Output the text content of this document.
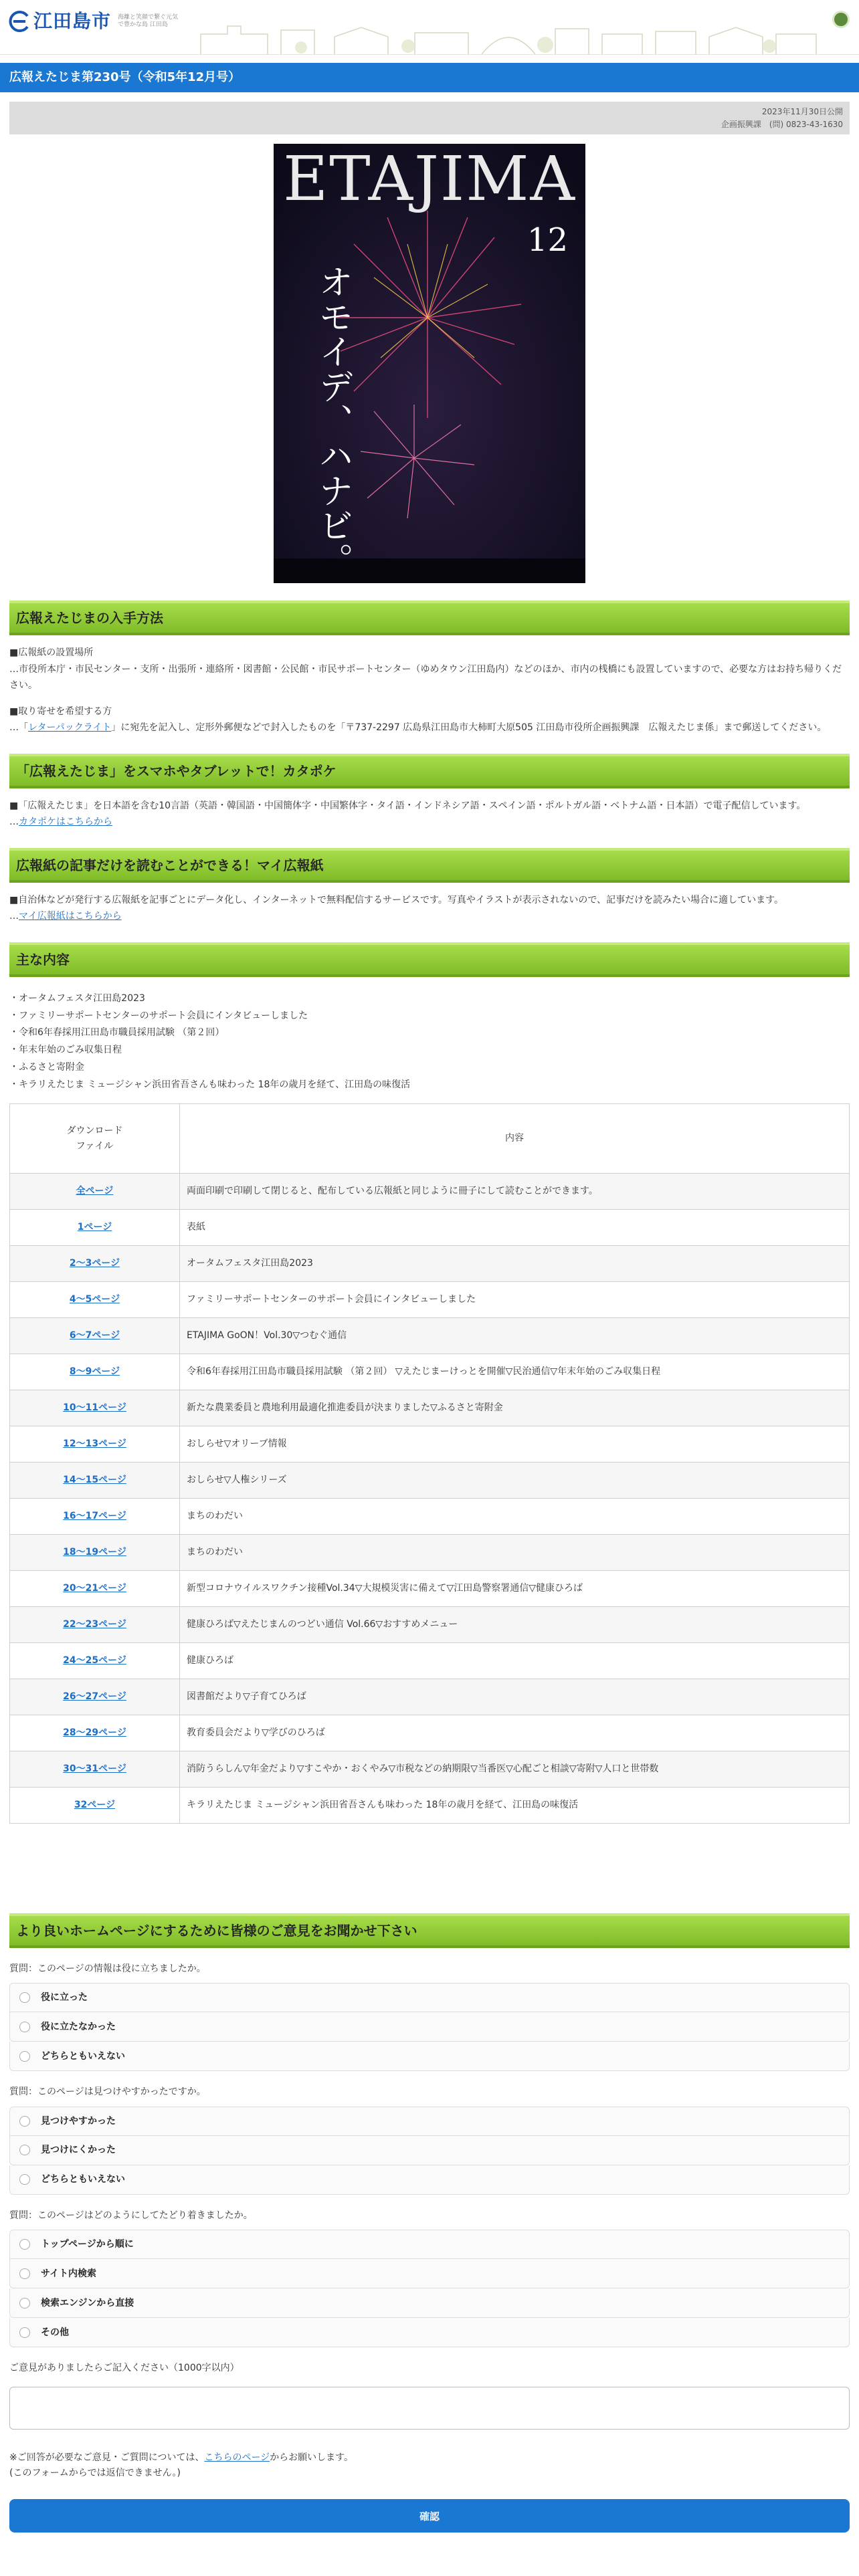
江田島市 海離と笑顔で繋ぐ元気
で豊かな島 江田島
広報えたじま第230号（令和5年12月号）
2023年11月30日公開
企画振興課　(問) 0823-43-1630
ETAJIMA
12
オモイデ、ハナビ。
広報えたじまの入手方法
■広報紙の設置場所
…市役所本庁・市民センター・支所・出張所・連絡所・図書館・公民館・市民サポートセンター（ゆめタウン江田島内）などのほか、市内の桟橋にも設置していますので、必要な方はお持ち帰りください。
■取り寄せを希望する方
…「レターパックライト」に宛先を記入し、定形外郵便などで封入したものを「〒737-2297 広島県江田島市大柿町大原505 江田島市役所企画振興課　広報えたじま係」まで郵送してください。
「広報えたじま」をスマホやタブレットで！カタポケ
■「広報えたじま」を日本語を含む10言語（英語・韓国語・中国簡体字・中国繁体字・タイ語・インドネシア語・スペイン語・ポルトガル語・ベトナム語・日本語）で電子配信しています。
…カタポケはこちらから
広報紙の記事だけを読むことができる！マイ広報紙
■自治体などが発行する広報紙を記事ごとにデータ化し、インターネットで無料配信するサービスです。写真やイラストが表示されないので、記事だけを読みたい場合に適しています。
…マイ広報紙はこちらから
主な内容
・オータムフェスタ江田島2023
・ファミリーサポートセンターのサポート会員にインタビューしました
・令和6年春採用江田島市職員採用試験 （第２回）
・年末年始のごみ収集日程
・ふるさと寄附金
・キラリえたじま ミュージシャン浜田省吾さんも味わった 18年の歳月を経て、江田島の味復活
ダウンロード
ファイル	内容
全ページ	両面印刷で印刷して閉じると、配布している広報紙と同じように冊子にして読むことができます。
1ページ	表紙
2～3ページ	オータムフェスタ江田島2023
4～5ページ	ファミリーサポートセンターのサポート会員にインタビューしました
6～7ページ	ETAJIMA GoON！Vol.30▽つむぐ通信
8～9ページ	令和6年春採用江田島市職員採用試験 （第２回） ▽えたじまーけっとを開催▽民治通信▽年末年始のごみ収集日程
10～11ページ	新たな農業委員と農地利用最適化推進委員が決まりました▽ふるさと寄附金
12～13ページ	おしらせ▽オリーブ情報
14～15ページ	おしらせ▽人権シリーズ
16～17ページ	まちのわだい
18～19ページ	まちのわだい
20～21ページ	新型コロナウイルスワクチン接種Vol.34▽大規模災害に備えて▽江田島警察署通信▽健康ひろば
22～23ページ	健康ひろば▽えたじまんのつどい通信 Vol.66▽おすすめメニュー
24～25ページ	健康ひろば
26～27ページ	図書館だより▽子育てひろば
28～29ページ	教育委員会だより▽学びのひろば
30～31ページ	消防うらしん▽年金だより▽すこやか・おくやみ▽市税などの納期限▽当番医▽心配ごと相談▽寄附▽人口と世帯数
32ページ	キラリえたじま ミュージシャン浜田省吾さんも味わった 18年の歳月を経て、江田島の味復活
より良いホームページにするために皆様のご意見をお聞かせ下さい
質問：このページの情報は役に立ちましたか。
役に立った
役に立たなかった
どちらともいえない
質問：このページは見つけやすかったですか。
見つけやすかった
見つけにくかった
どちらともいえない
質問：このページはどのようにしてたどり着きましたか。
トップページから順に
サイト内検索
検索エンジンから直接
その他
ご意見がありましたらご記入ください（1000字以内）
※ご回答が必要なご意見・ご質問については、こちらのページからお願いします。
(このフォームからでは返信できません。)
確認
